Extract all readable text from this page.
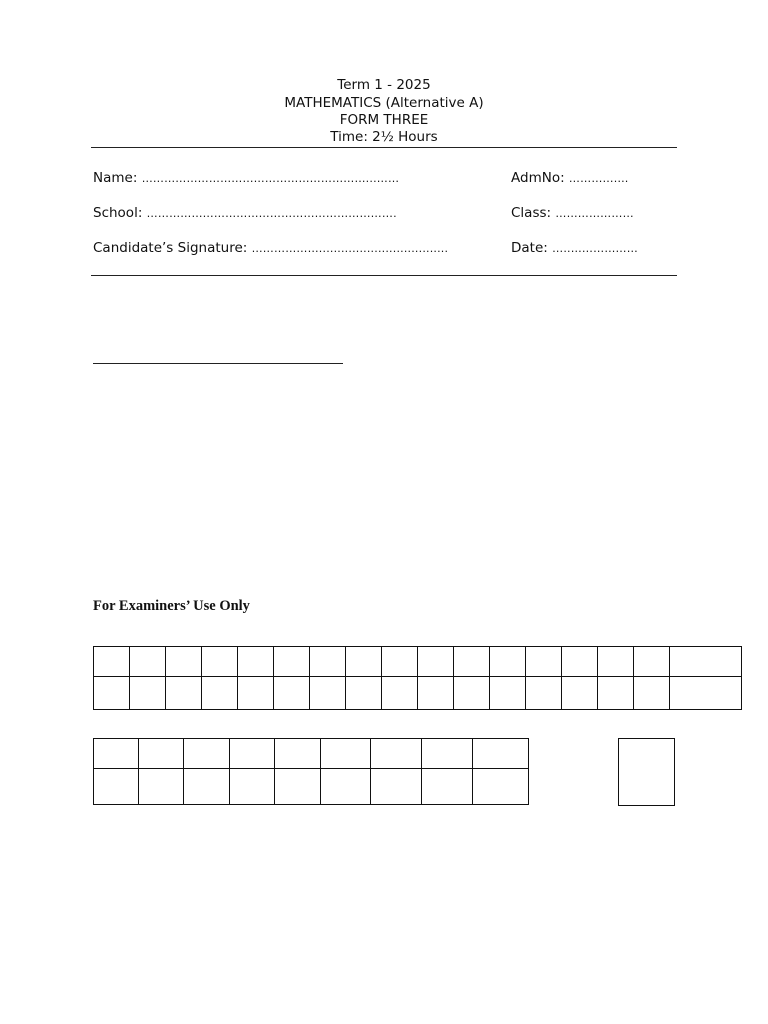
Term 1 - 2025
MATHEMATICS (Alternative A)
FORM THREE
Time: 2½ Hours
Name: ……………………………………………………...……	AdmNo: ………….…
School: ………………………………………………………….	Class: …………………
Candidate’s Signature: ………………...................................	Date: …..………………
For Examiners’ Use Only
